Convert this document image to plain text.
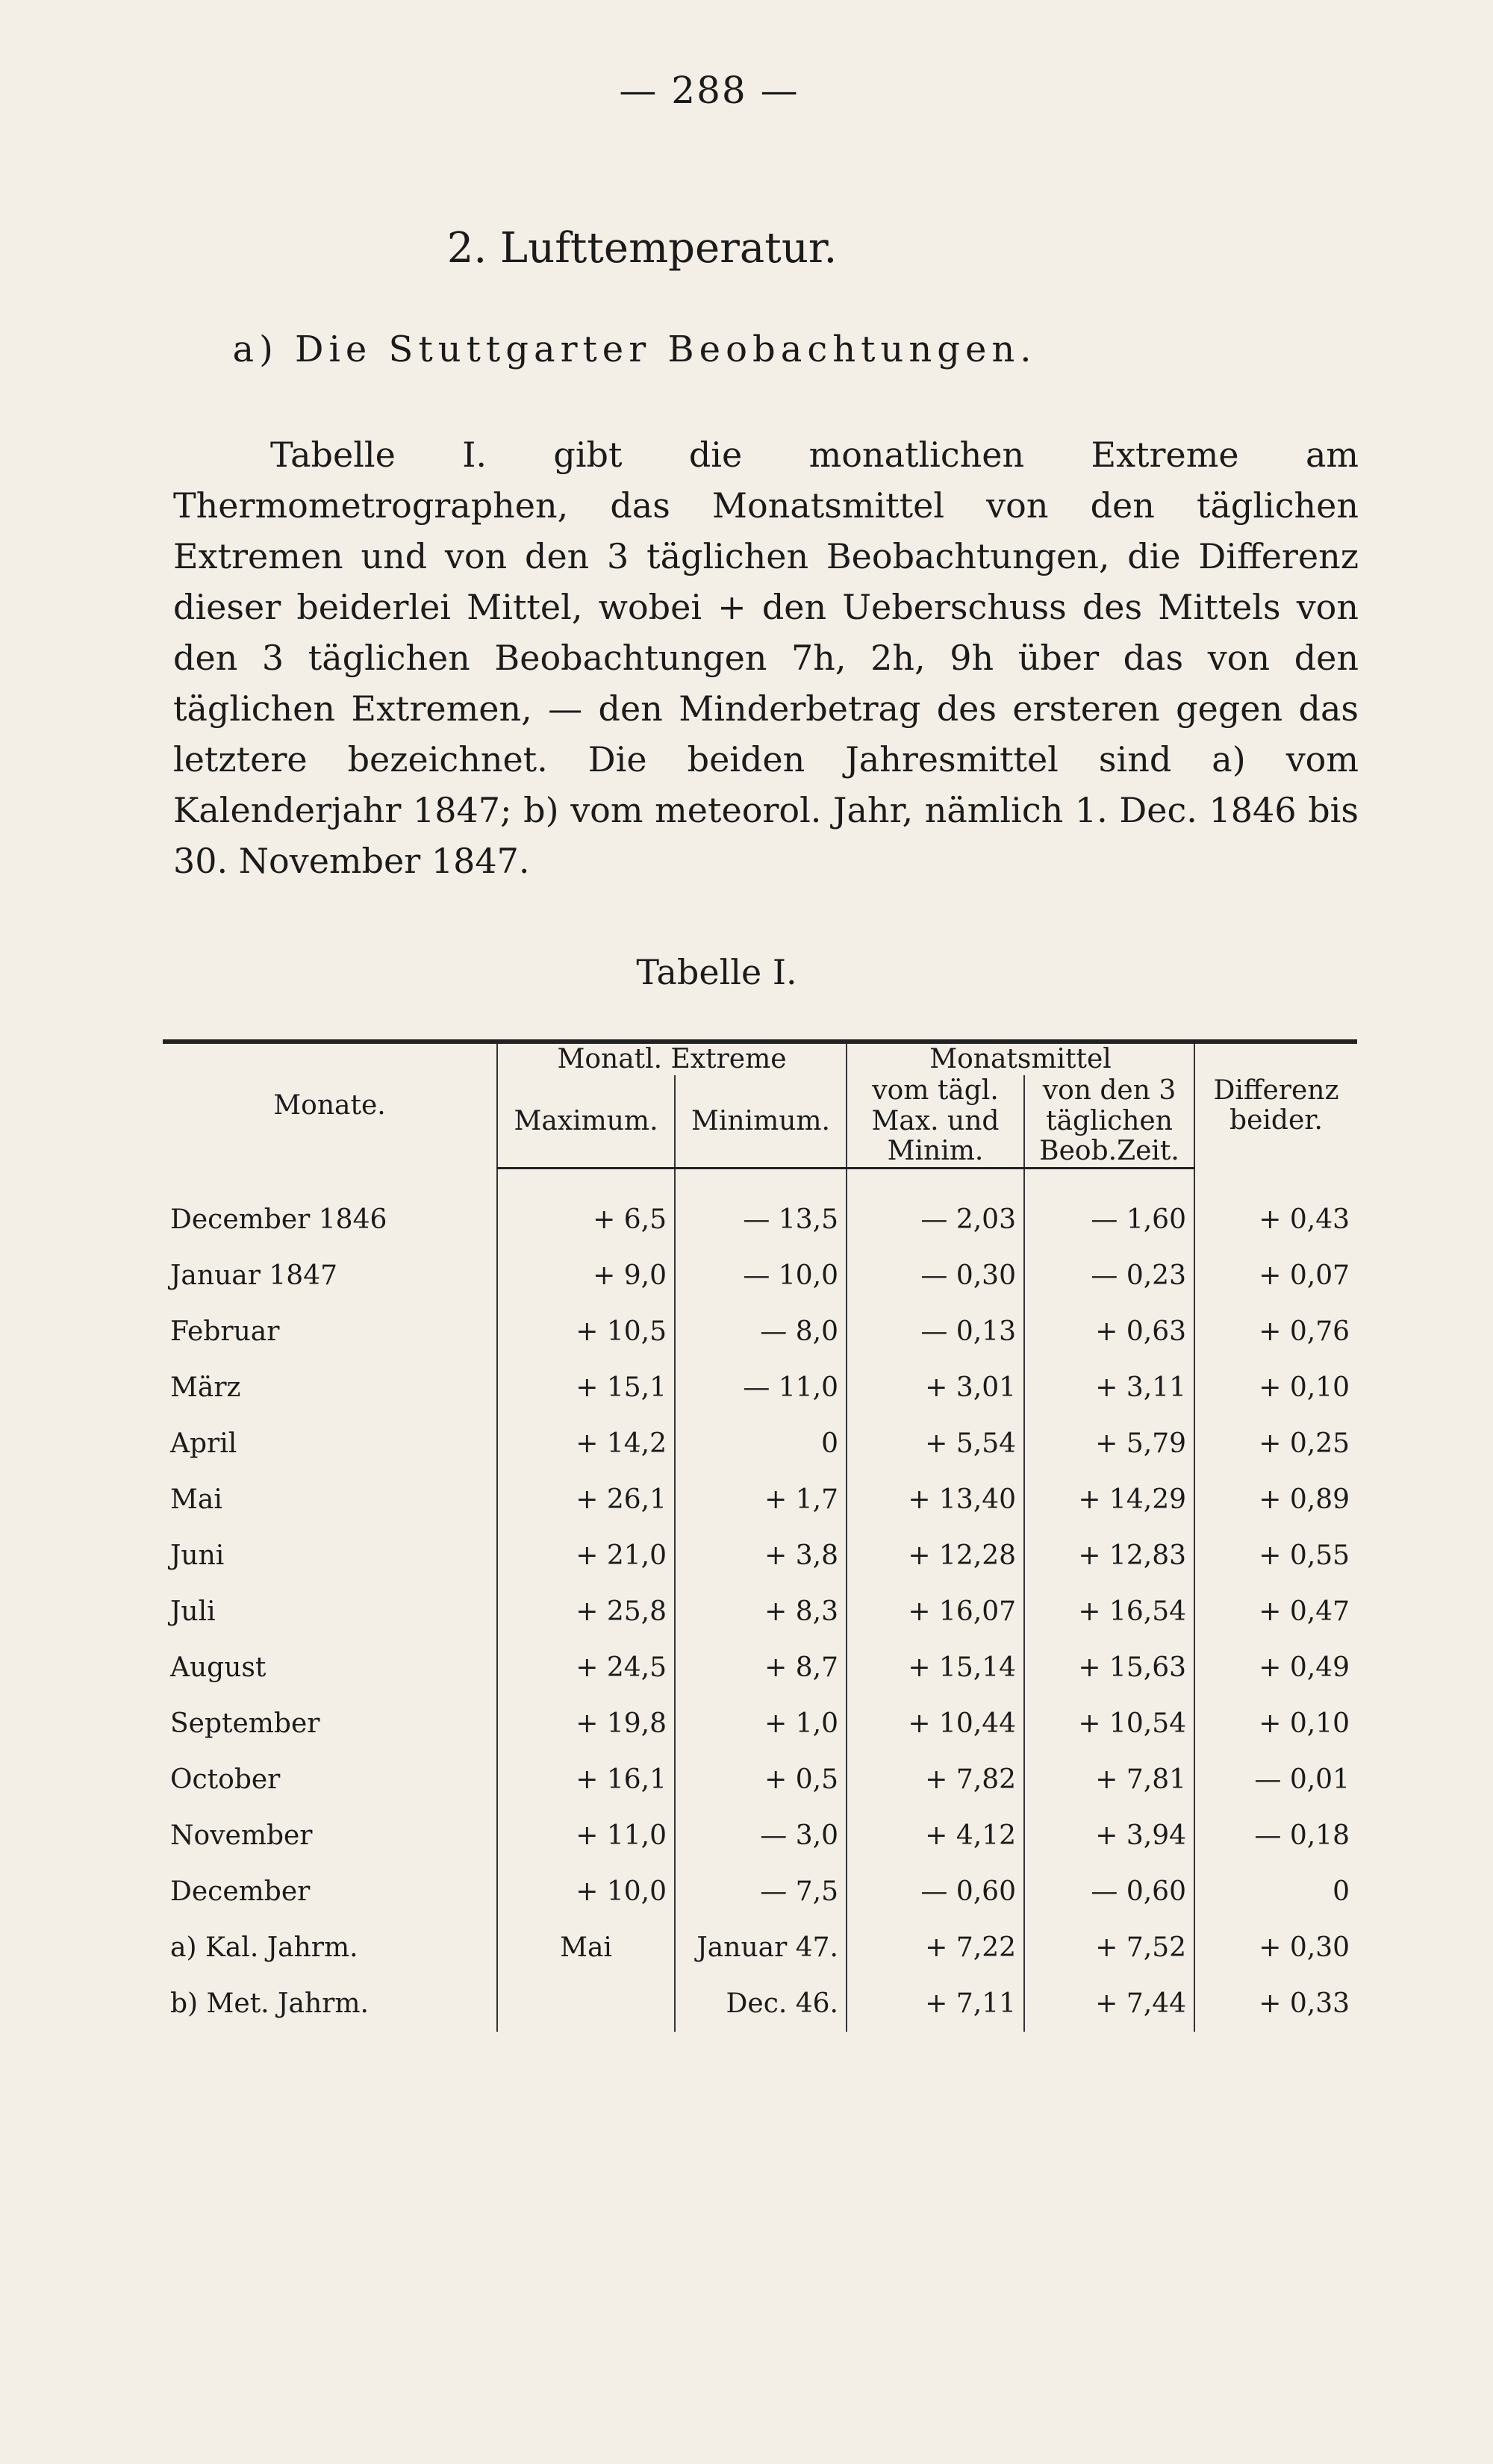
— 288 —
2. Lufttemperatur.
a) Die Stuttgarter Beobachtungen.
Tabelle I. gibt die monatlichen Extreme am Thermometrographen, das Monatsmittel von den täglichen Extremen und von den 3 täglichen Beobachtungen, die Differenz dieser beiderlei Mittel, wobei + den Ueberschuss des Mittels von den 3 täglichen Beobachtungen 7h, 2h, 9h über das von den täglichen Extremen, — den Minderbetrag des ersteren gegen das letztere bezeichnet. Die beiden Jahresmittel sind a) vom Kalenderjahr 1847; b) vom meteorol. Jahr, nämlich 1. Dec. 1846 bis 30. November 1847.
Tabelle I.
Monate.	Monatl. Extreme		Monatsmittel		Differenz beider.
	Maximum.	Minimum.	vom tägl. Max. und Minim.	von den 3 täglichen Beob.Zeit.	
December 1846	+ 6,5	— 13,5	— 2,03	— 1,60	+ 0,43
Januar 1847	+ 9,0	— 10,0	— 0,30	— 0,23	+ 0,07
Februar	+ 10,5	— 8,0	— 0,13	+ 0,63	+ 0,76
März	+ 15,1	— 11,0	+ 3,01	+ 3,11	+ 0,10
April	+ 14,2	0	+ 5,54	+ 5,79	+ 0,25
Mai	+ 26,1	+ 1,7	+ 13,40	+ 14,29	+ 0,89
Juni	+ 21,0	+ 3,8	+ 12,28	+ 12,83	+ 0,55
Juli	+ 25,8	+ 8,3	+ 16,07	+ 16,54	+ 0,47
August	+ 24,5	+ 8,7	+ 15,14	+ 15,63	+ 0,49
September	+ 19,8	+ 1,0	+ 10,44	+ 10,54	+ 0,10
October	+ 16,1	+ 0,5	+ 7,82	+ 7,81	— 0,01
November	+ 11,0	— 3,0	+ 4,12	+ 3,94	— 0,18
December	+ 10,0	— 7,5	— 0,60	— 0,60	0
a) Kal. Jahrm.	Mai	Januar 47.	+ 7,22	+ 7,52	+ 0,30
b) Met. Jahrm.		Dec. 46.	+ 7,11	+ 7,44	+ 0,33
